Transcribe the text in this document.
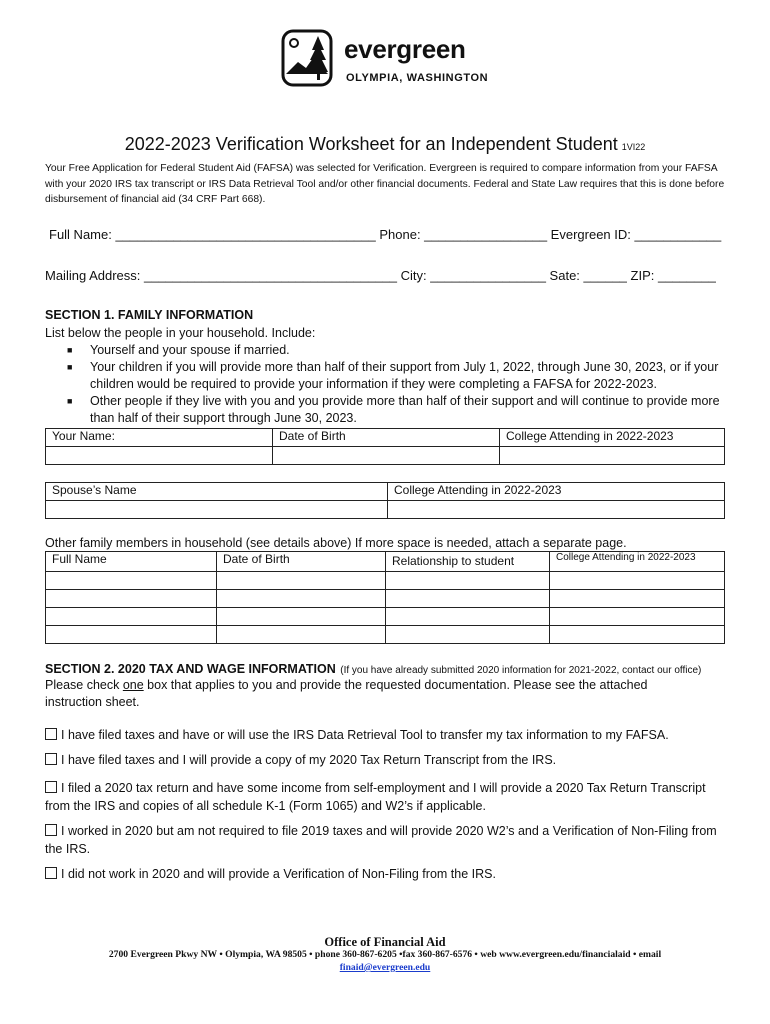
evergreen
OLYMPIA, WASHINGTON
2022-2023 Verification Worksheet for an Independent Student 1VI22
Your Free Application for Federal Student Aid (FAFSA) was selected for Verification. Evergreen is required to compare information from your FAFSA with your 2020 IRS tax transcript or IRS Data Retrieval Tool and/or other financial documents. Federal and State Law requires that this is done before disbursement of financial aid (34 CRF Part 668).
Full Name: ____________________________________ Phone: _________________ Evergreen ID: ____________
Mailing Address: ___________________________________ City: ________________ Sate: ______ ZIP: ________
SECTION 1. FAMILY INFORMATION
List below the people in your household. Include:
■ Yourself and your spouse if married.
■ Your children if you will provide more than half of their support from July 1, 2022, through June 30, 2023, or if your children would be required to provide your information if they were completing a FAFSA for 2022-2023.
■ Other people if they live with you and you provide more than half of their support and will continue to provide more than half of their support through June 30, 2023.
Your Name:	Date of Birth	College Attending in 2022-2023

Spouse’s Name	College Attending in 2022-2023

Other family members in household (see details above) If more space is needed, attach a separate page.
Full Name	Date of Birth	Relationship to student	College Attending in 2022-2023

SECTION 2. 2020 TAX AND WAGE INFORMATION (If you have already submitted 2020 information for 2021-2022, contact our office)
Please check one box that applies to you and provide the requested documentation. Please see the attached instruction sheet.
I have filed taxes and have or will use the IRS Data Retrieval Tool to transfer my tax information to my FAFSA.
I have filed taxes and I will provide a copy of my 2020 Tax Return Transcript from the IRS.
I filed a 2020 tax return and have some income from self-employment and I will provide a 2020 Tax Return Transcript from the IRS and copies of all schedule K-1 (Form 1065) and W2’s if applicable.
I worked in 2020 but am not required to file 2019 taxes and will provide 2020 W2’s and a Verification of Non-Filing from the IRS.
I did not work in 2020 and will provide a Verification of Non-Filing from the IRS.
Office of Financial Aid
2700 Evergreen Pkwy NW • Olympia, WA 98505 • phone 360-867-6205 •fax 360-867-6576 • web www.evergreen.edu/financialaid • email
finaid@evergreen.edu
